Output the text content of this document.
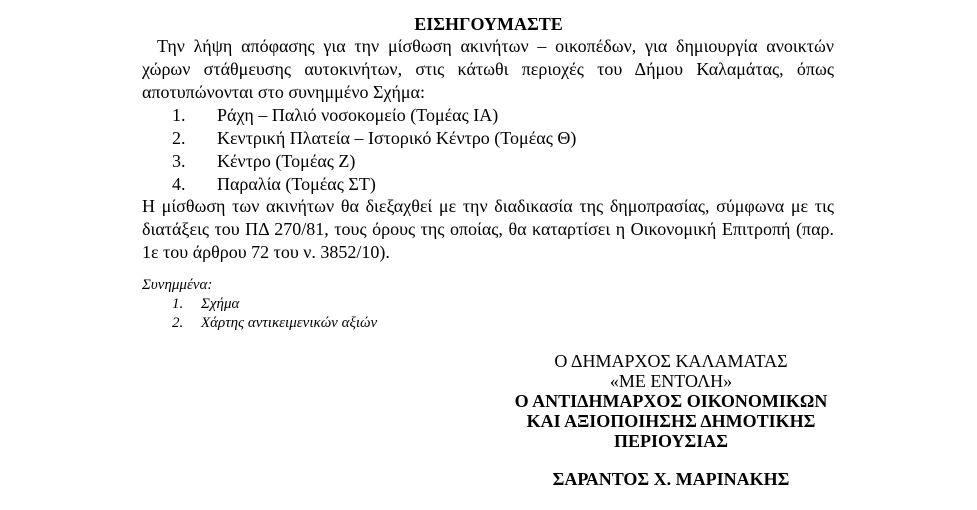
ΕΙΣΗΓΟΥΜΑΣΤΕ
Την λήψη απόφασης για την μίσθωση ακινήτων – οικοπέδων, για δημιουργία ανοικτών χώρων στάθμευσης αυτοκινήτων, στις κάτωθι περιοχές του Δήμου Καλαμάτας, όπως αποτυπώνονται στο συνημμένο Σχήμα:
1.	Ράχη – Παλιό νοσοκομείο (Τομέας ΙΑ)
2.	Κεντρική Πλατεία – Ιστορικό Κέντρο (Τομέας Θ)
3.	Κέντρο (Τομέας Ζ)
4.	Παραλία (Τομέας ΣΤ)
Η μίσθωση των ακινήτων θα διεξαχθεί με την διαδικασία της δημοπρασίας, σύμφωνα με τις διατάξεις του ΠΔ 270/81, τους όρους της οποίας, θα καταρτίσει η Οικονομική Επιτροπή (παρ. 1ε του άρθρου 72 του ν. 3852/10).
Συνημμένα:
1.	Σχήμα
2.	Χάρτης αντικειμενικών αξιών
Ο ΔΗΜΑΡΧΟΣ ΚΑΛΑΜΑΤΑΣ
«ΜΕ ΕΝΤΟΛΗ»
Ο ΑΝΤΙΔΗΜΑΡΧΟΣ ΟΙΚΟΝΟΜΙΚΩΝ
ΚΑΙ ΑΞΙΟΠΟΙΗΣΗΣ ΔΗΜΟΤΙΚΗΣ
ΠΕΡΙΟΥΣΙΑΣ
ΣΑΡΑΝΤΟΣ Χ. ΜΑΡΙΝΑΚΗΣ
